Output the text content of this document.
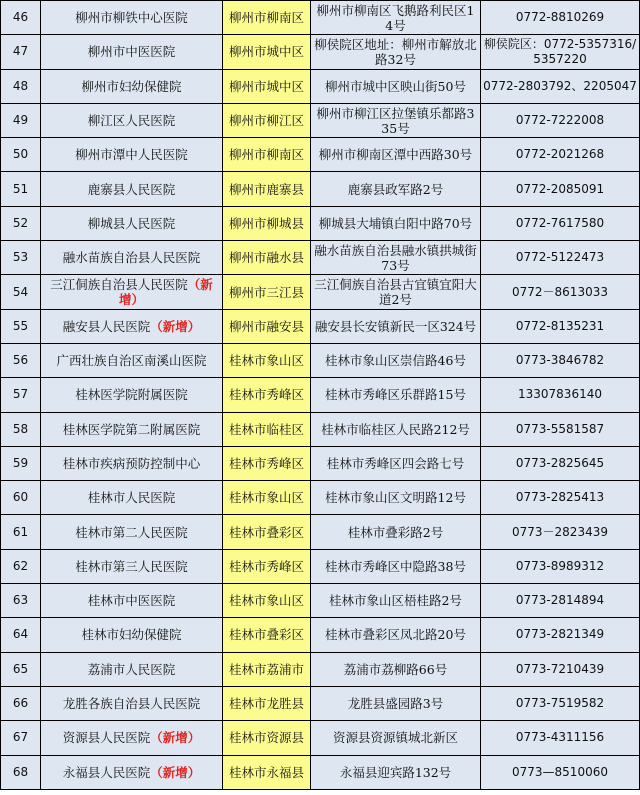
46	柳州市柳铁中心医院	柳州市柳南区	柳州市柳南区飞鹅路利民区14号	0772-8810269
47	柳州市中医医院	柳州市城中区	柳侯院区地址：柳州市解放北路32号	柳侯院区：0772-5357316/5357220
48	柳州市妇幼保健院	柳州市城中区	柳州市城中区映山街50号	0772-2803792、2205047
49	柳江区人民医院	柳州市柳江区	柳州市柳江区拉堡镇乐都路335号	0772-7222008
50	柳州市潭中人民医院	柳州市柳南区	柳州市柳南区潭中西路30号	0772-2021268
51	鹿寨县人民医院	柳州市鹿寨县	鹿寨县政军路2号	0772-2085091
52	柳城县人民医院	柳州市柳城县	柳城县大埔镇白阳中路70号	0772-7617580
53	融水苗族自治县人民医院	柳州市融水县	融水苗族自治县融水镇拱城街73号	0772-5122473
54	三江侗族自治县人民医院（新增）	柳州市三江县	三江侗族自治县古宜镇宜阳大道2号	0772－8613033
55	融安县人民医院（新增）	柳州市融安县	融安县长安镇新民一区324号	0772-8135231
56	广西壮族自治区南溪山医院	桂林市象山区	桂林市象山区崇信路46号	0773-3846782
57	桂林医学院附属医院	桂林市秀峰区	桂林市秀峰区乐群路15号	13307836140
58	桂林医学院第二附属医院	桂林市临桂区	桂林市临桂区人民路212号	0773-5581587
59	桂林市疾病预防控制中心	桂林市秀峰区	桂林市秀峰区四会路七号	0773-2825645
60	桂林市人民医院	桂林市象山区	桂林市象山区文明路12号	0773-2825413
61	桂林市第二人民医院	桂林市叠彩区	桂林市叠彩路2号	0773－2823439
62	桂林市第三人民医院	桂林市秀峰区	桂林市秀峰区中隐路38号	0773-8989312
63	桂林市中医医院	桂林市象山区	桂林市象山区梧桂路2号	0773-2814894
64	桂林市妇幼保健院	桂林市叠彩区	桂林市叠彩区凤北路20号	0773-2821349
65	荔浦市人民医院	桂林市荔浦市	荔浦市荔柳路66号	0773-7210439
66	龙胜各族自治县人民医院	桂林市龙胜县	龙胜县盛园路3号	0773-7519582
67	资源县人民医院（新增）	桂林市资源县	资源县资源镇城北新区	0773-4311156
68	永福县人民医院（新增）	桂林市永福县	永福县迎宾路132号	0773—8510060
